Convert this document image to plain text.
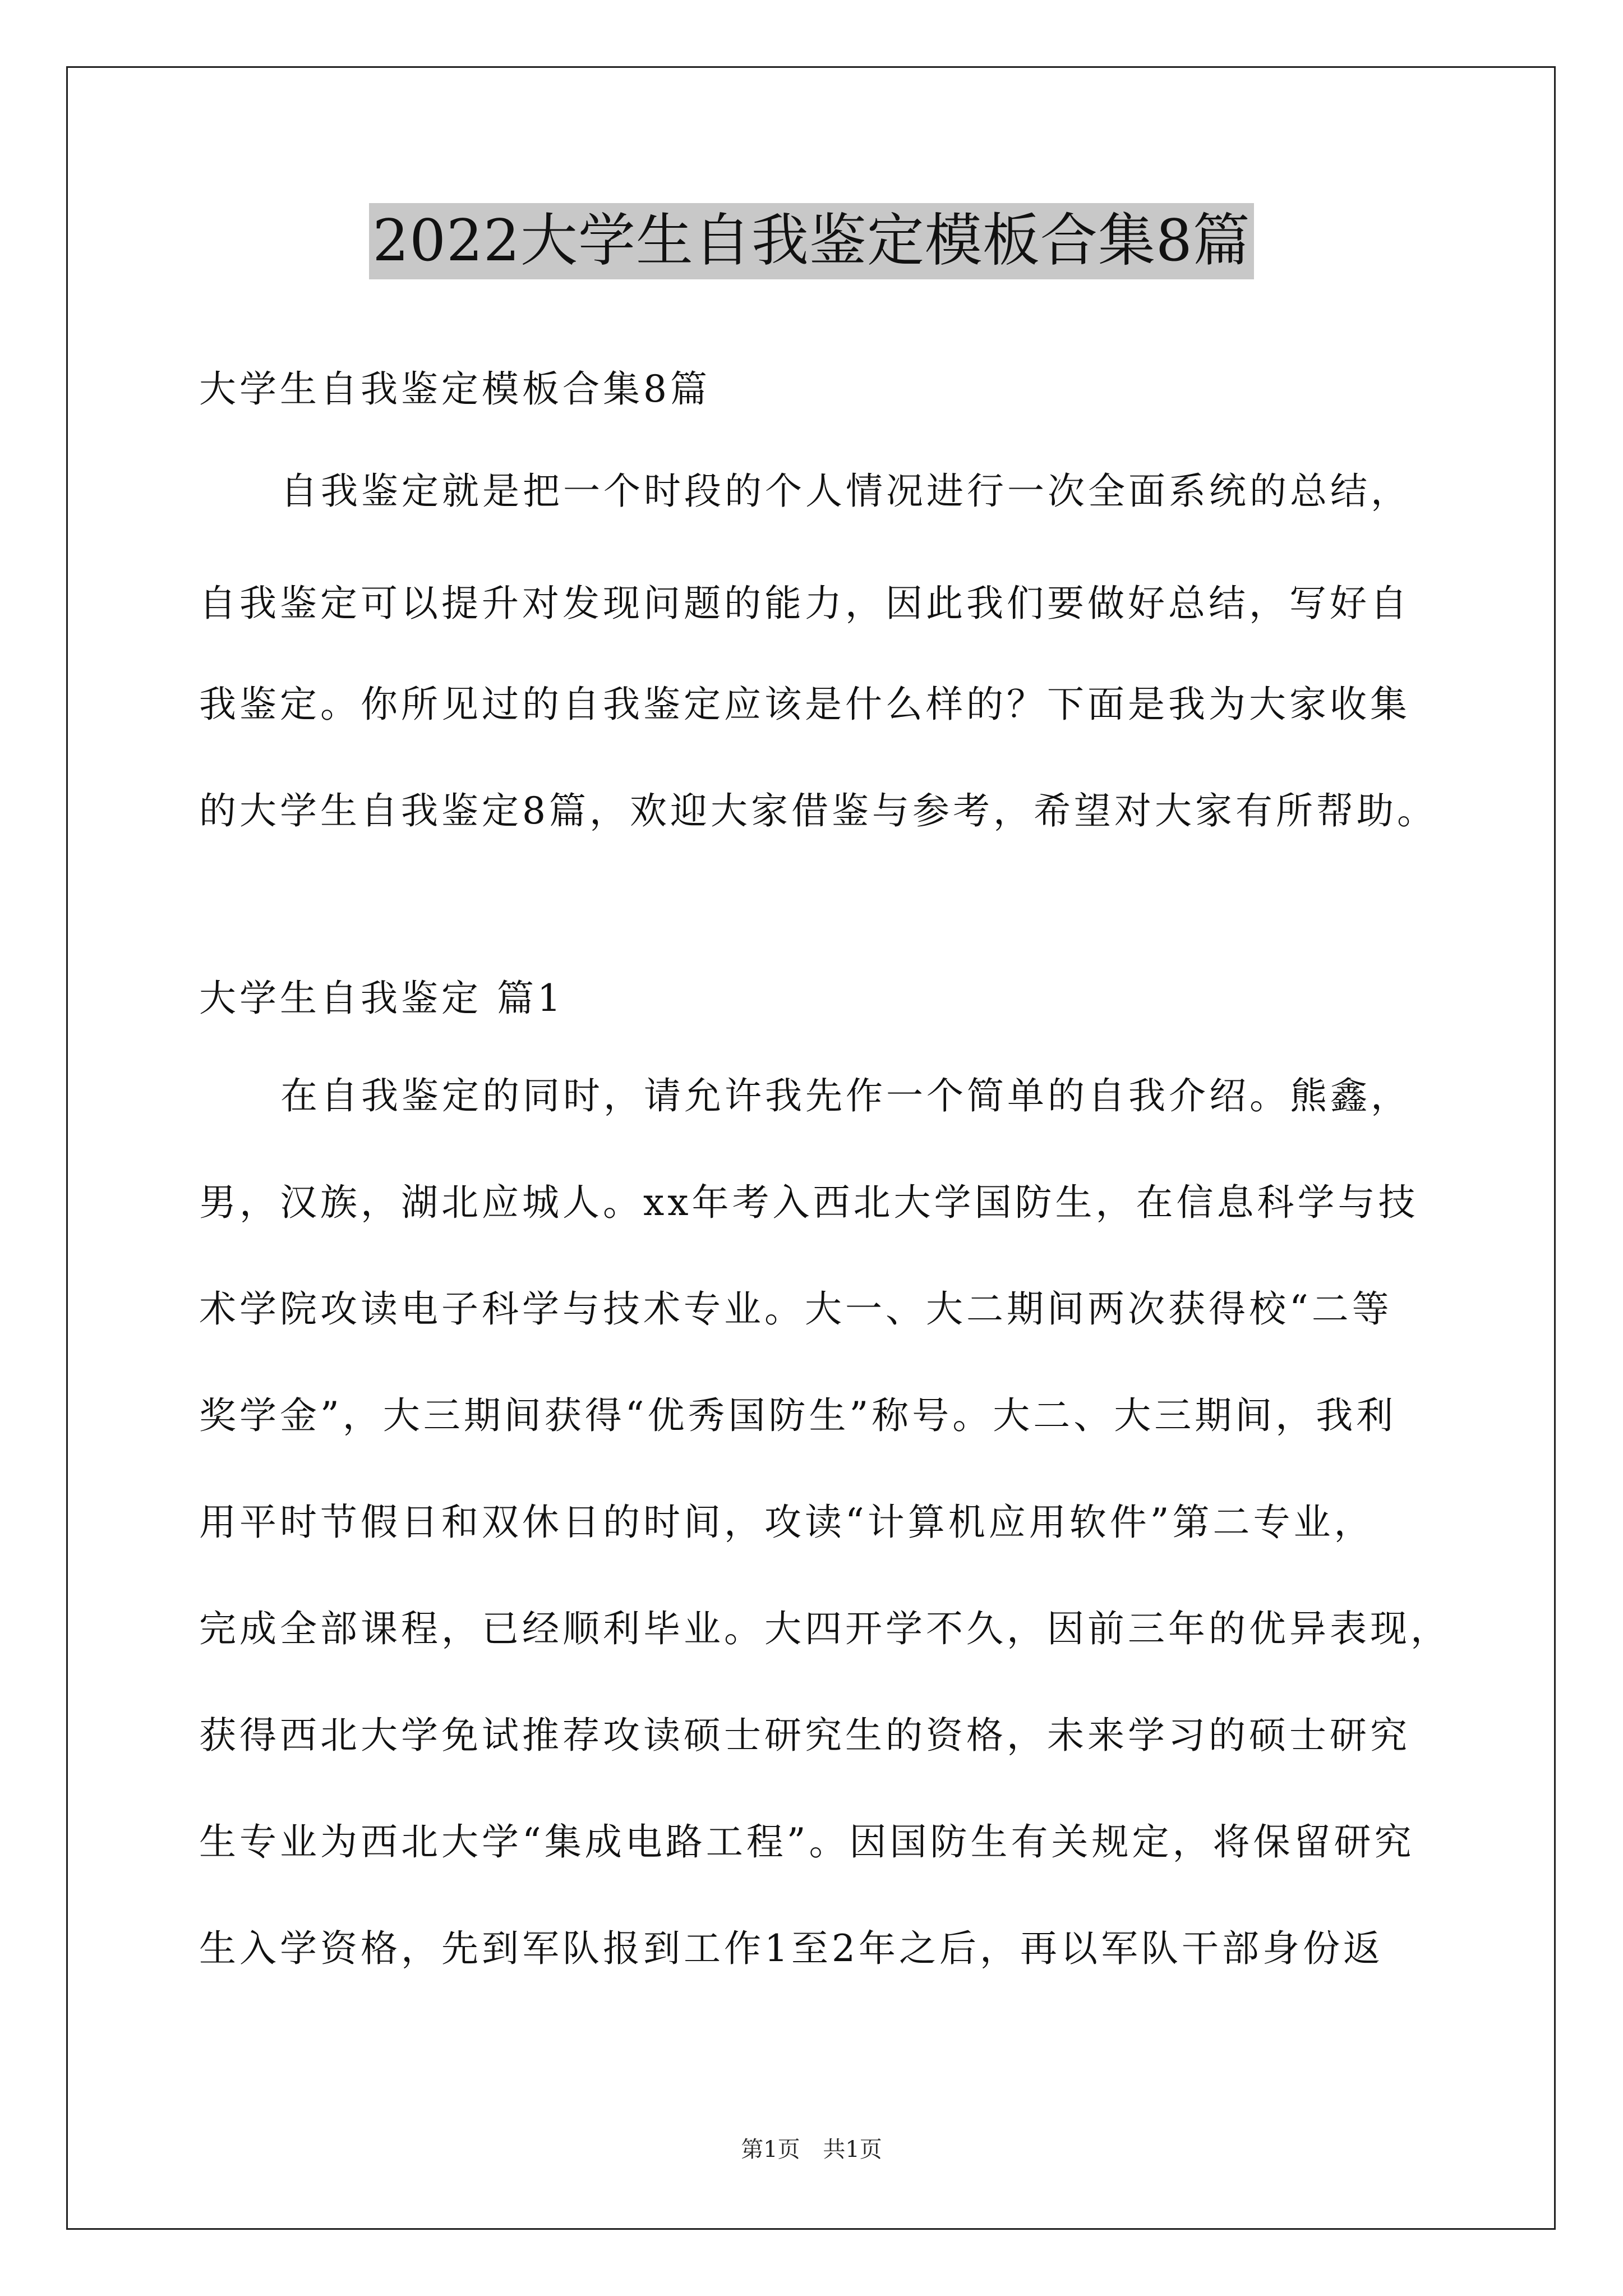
2022大学生自我鉴定模板合集8篇
大学生自我鉴定模板合集8篇
自我鉴定就是把一个时段的个人情况进行一次全面系统的总结，
自我鉴定可以提升对发现问题的能力，因此我们要做好总结，写好自
我鉴定。你所见过的自我鉴定应该是什么样的？下面是我为大家收集
的大学生自我鉴定8篇，欢迎大家借鉴与参考，希望对大家有所帮助。
大学生自我鉴定 篇1
在自我鉴定的同时，请允许我先作一个简单的自我介绍。熊鑫，
男，汉族，湖北应城人。xx年考入西北大学国防生，在信息科学与技
术学院攻读电子科学与技术专业。大一、大二期间两次获得校“二等
奖学金”，大三期间获得“优秀国防生”称号。大二、大三期间，我利
用平时节假日和双休日的时间，攻读“计算机应用软件”第二专业，
完成全部课程，已经顺利毕业。大四开学不久，因前三年的优异表现，
获得西北大学免试推荐攻读硕士研究生的资格，未来学习的硕士研究
生专业为西北大学“集成电路工程”。因国防生有关规定，将保留研究
生入学资格，先到军队报到工作1至2年之后，再以军队干部身份返
第1页 共1页
